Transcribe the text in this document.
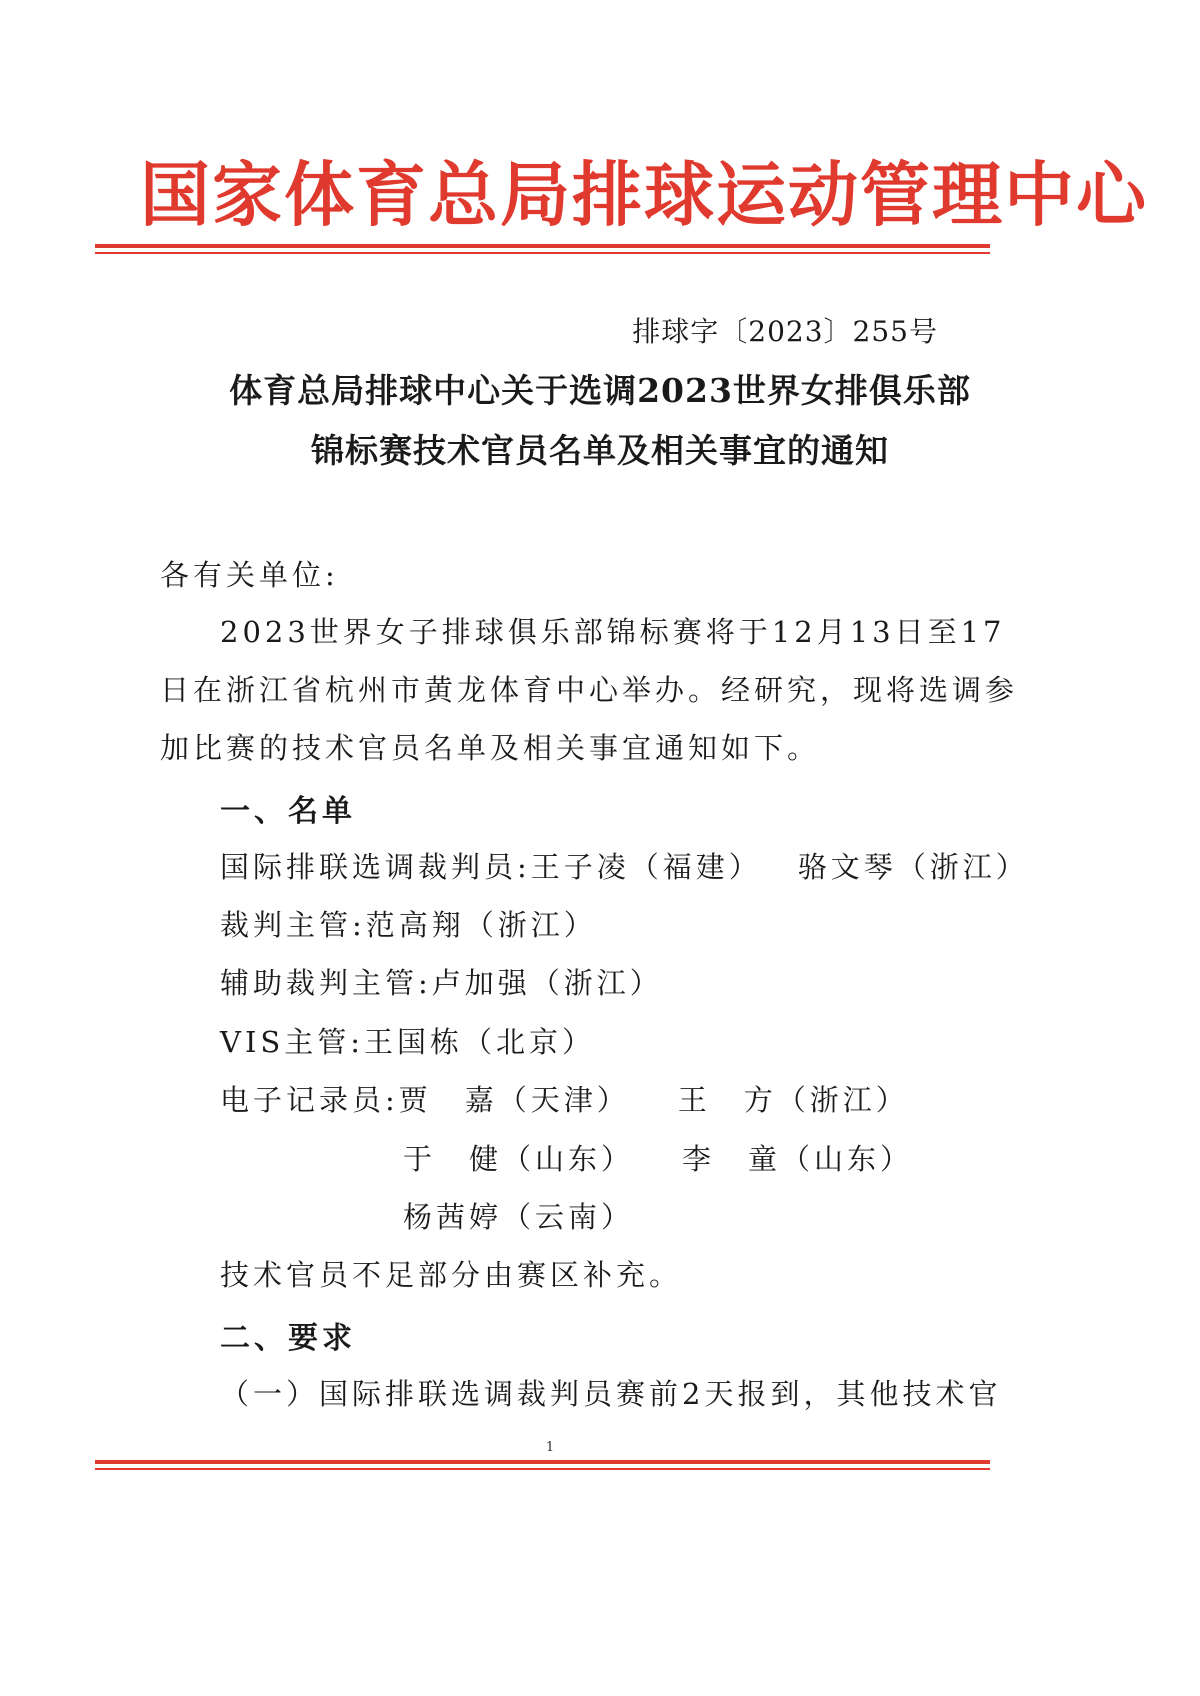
国家体育总局排球运动管理中心
排球字〔2023〕255号
体育总局排球中心关于选调2023世界女排俱乐部
锦标赛技术官员名单及相关事宜的通知
各有关单位:
2023世界女子排球俱乐部锦标赛将于12月13日至17
日在浙江省杭州市黄龙体育中心举办。经研究，现将选调参
加比赛的技术官员名单及相关事宜通知如下。
一、名单
国际排联选调裁判员:王子凌（福建） 骆文琴（浙江）
裁判主管:范高翔（浙江）
辅助裁判主管:卢加强（浙江）
VIS主管:王国栋（北京）
电子记录员:贾　嘉（天津） 王　方（浙江）
于　健（山东） 李　童（山东）
杨茜婷（云南）
技术官员不足部分由赛区补充。
二、要求
（一）国际排联选调裁判员赛前2天报到，其他技术官
1
